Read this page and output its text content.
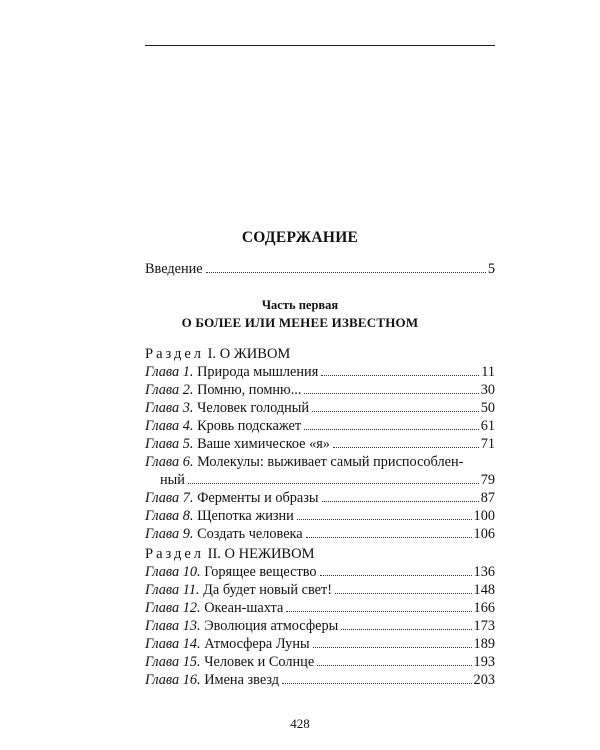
СОДЕРЖАНИЕ
Введение	5
Часть первая
О БОЛЕЕ ИЛИ МЕНЕЕ ИЗВЕСТНОМ
Раздел I. О ЖИВОМ
Глава 1. Природа мышления	11
Глава 2. Помню, помню...	30
Глава 3. Человек голодный	50
Глава 4. Кровь подскажет	61
Глава 5. Ваше химическое «я»	71
Глава 6. Молекулы: выживает самый приспособлен-
ный	79
Глава 7. Ферменты и образы	87
Глава 8. Щепотка жизни	100
Глава 9. Создать человека	106
Раздел II. О НЕЖИВОМ
Глава 10. Горящее вещество	136
Глава 11. Да будет новый свет!	148
Глава 12. Океан-шахта	166
Глава 13. Эволюция атмосферы	173
Глава 14. Атмосфера Луны	189
Глава 15. Человек и Солнце	193
Глава 16. Имена звезд	203
428
